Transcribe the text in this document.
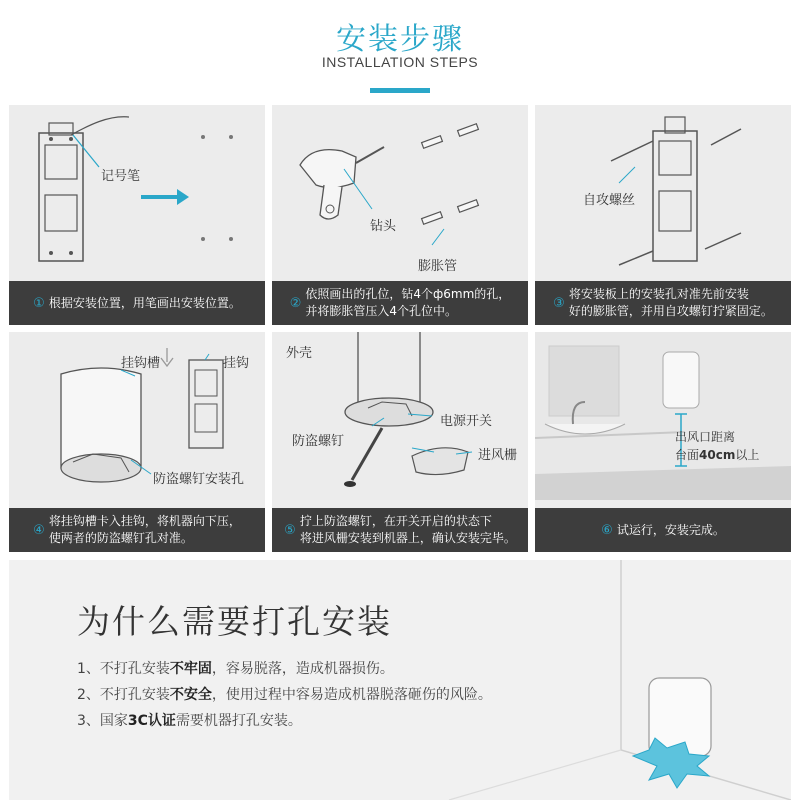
安装步骤
INSTALLATION STEPS
记号笔
① 根据安装位置，用笔画出安装位置。
钻头
膨胀管
②
依照画出的孔位，钻4个ф6mm的孔，
并将膨胀管压入4个孔位中。
自攻螺丝
③
将安装板上的安装孔对准先前安装
好的膨胀管，并用自攻螺钉拧紧固定。
挂钩槽	挂钩
防盗螺钉安装孔
④
将挂钩槽卡入挂钩，将机器向下压，
使两者的防盗螺钉孔对准。
外壳
电源开关
防盗螺钉
进风栅
⑤
拧上防盗螺钉，在开关开启的状态下
将进风栅安装到机器上，确认安装完毕。
出风口距离
台面40cm以上
⑥ 试运行，安装完成。
为什么需要打孔安装
1、不打孔安装不牢固，容易脱落，造成机器损伤。
2、不打孔安装不安全，使用过程中容易造成机器脱落砸伤的风险。
3、国家3C认证需要机器打孔安装。
